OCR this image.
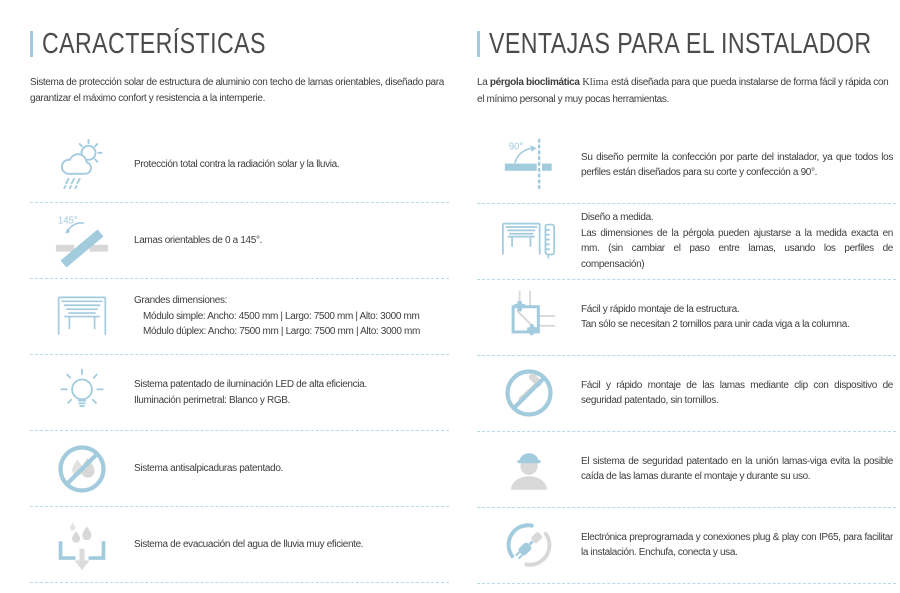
CARACTERÍSTICAS

Sistema de protección solar de estructura de aluminio con techo de lamas orientables, diseñado para garantizar el máximo confort y resistencia a la intemperie.

Protección total contra la radiación solar y la lluvia.
145°
Lamas orientables de 0 a 145°.
Grandes dimensiones:
Módulo simple: Ancho: 4500 mm | Largo: 7500 mm | Alto: 3000 mm
Módulo dúplex: Ancho: 7500 mm | Largo: 7500 mm | Alto: 3000 mm
Sistema patentado de iluminación LED de alta eficiencia.
Iluminación perimetral: Blanco y RGB.
Sistema antisalpicaduras patentado.
Sistema de evacuación del agua de lluvia muy eficiente.
VENTAJAS PARA EL INSTALADOR

La pérgola bioclimática Klima está diseñada para que pueda instalarse de forma fácil y rápida con el mínimo personal y muy pocas herramientas.

90°
Su diseño permite la confección por parte del instalador, ya que todos los perfiles están diseñados para su corte y confección a 90°.
Diseño a medida.
Las dimensiones de la pérgola pueden ajustarse a la medida exacta en mm. (sin cambiar el paso entre lamas, usando los perfiles de compensación)
Fácil y rápido montaje de la estructura.
Tan sólo se necesitan 2 tornillos para unir cada viga a la columna.
Fácil y rápido montaje de las lamas mediante clip con dispositivo de seguridad patentado, sin tornillos.
El sistema de seguridad patentado en la unión lamas-viga evita la posible caída de las lamas durante el montaje y durante su uso.
Electrónica preprogramada y conexiones plug & play con IP65, para facilitar la instalación. Enchufa, conecta y usa.
